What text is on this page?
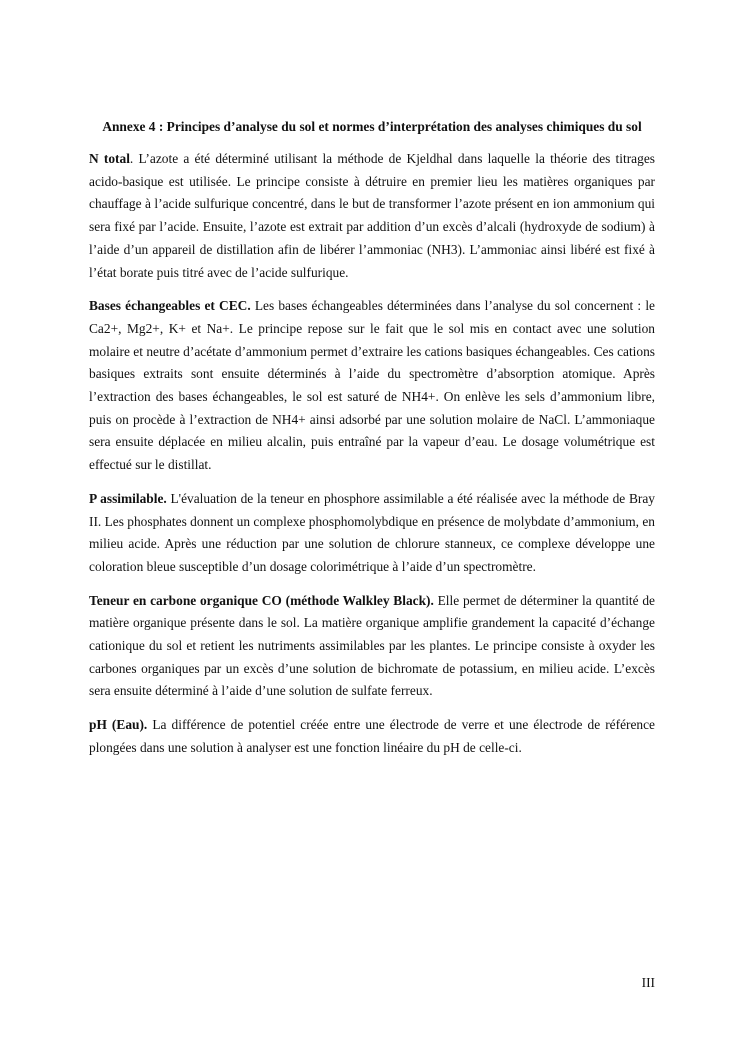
Annexe 4 : Principes d’analyse du sol et normes d’interprétation des analyses chimiques du sol

N total. L’azote a été déterminé utilisant la méthode de Kjeldhal dans laquelle la théorie des titrages acido-basique est utilisée. Le principe consiste à détruire en premier lieu les matières organiques par chauffage à l’acide sulfurique concentré, dans le but de transformer l’azote présent en ion ammonium qui sera fixé par l’acide. Ensuite, l’azote est extrait par addition d’un excès d’alcali (hydroxyde de sodium) à l’aide d’un appareil de distillation afin de libérer l’ammoniac (NH3). L’ammoniac ainsi libéré est fixé à l’état borate puis titré avec de l’acide sulfurique.

Bases échangeables et CEC. Les bases échangeables déterminées dans l’analyse du sol concernent : le Ca2+, Mg2+, K+ et Na+. Le principe repose sur le fait que le sol mis en contact avec une solution molaire et neutre d’acétate d’ammonium permet d’extraire les cations basiques échangeables. Ces cations basiques extraits sont ensuite déterminés à l’aide du spectromètre d’absorption atomique. Après l’extraction des bases échangeables, le sol est saturé de NH4+. On enlève les sels d’ammonium libre, puis on procède à l’extraction de NH4+ ainsi adsorbé par une solution molaire de NaCl. L’ammoniaque sera ensuite déplacée en milieu alcalin, puis entraîné par la vapeur d’eau. Le dosage volumétrique est effectué sur le distillat.

P assimilable. L'évaluation de la teneur en phosphore assimilable a été réalisée avec la méthode de Bray II. Les phosphates donnent un complexe phosphomolybdique en présence de molybdate d’ammonium, en milieu acide. Après une réduction par une solution de chlorure stanneux, ce complexe développe une coloration bleue susceptible d’un dosage colorimétrique à l’aide d’un spectromètre.

Teneur en carbone organique CO (méthode Walkley Black). Elle permet de déterminer la quantité de matière organique présente dans le sol. La matière organique amplifie grandement la capacité d’échange cationique du sol et retient les nutriments assimilables par les plantes. Le principe consiste à oxyder les carbones organiques par un excès d’une solution de bichromate de potassium, en milieu acide. L’excès sera ensuite déterminé à l’aide d’une solution de sulfate ferreux.

pH (Eau). La différence de potentiel créée entre une électrode de verre et une électrode de référence plongées dans une solution à analyser est une fonction linéaire du pH de celle-ci.

III
